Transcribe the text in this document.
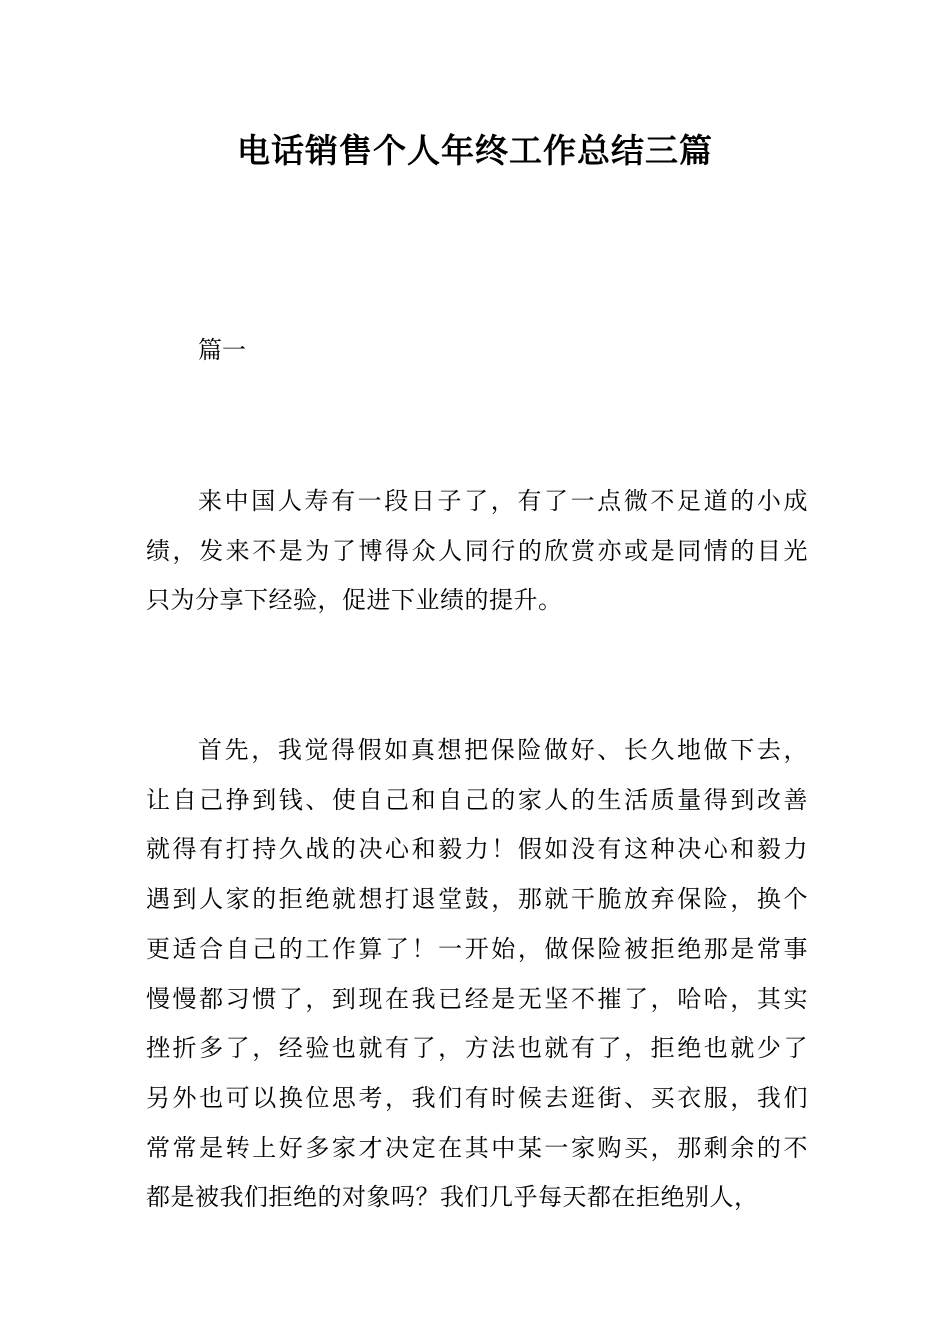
电话销售个人年终工作总结三篇

篇一

来中国人寿有一段日子了，有了一点微不足道的小成
绩，发来不是为了博得众人同行的欣赏亦或是同情的目光
只为分享下经验，促进下业绩的提升。
首先，我觉得假如真想把保险做好、长久地做下去，
让自己挣到钱、使自己和自己的家人的生活质量得到改善
就得有打持久战的决心和毅力！假如没有这种决心和毅力
遇到人家的拒绝就想打退堂鼓，那就干脆放弃保险，换个
更适合自己的工作算了！一开始，做保险被拒绝那是常事
慢慢都习惯了，到现在我已经是无坚不摧了，哈哈，其实
挫折多了，经验也就有了，方法也就有了，拒绝也就少了
另外也可以换位思考，我们有时候去逛街、买衣服，我们
常常是转上好多家才决定在其中某一家购买，那剩余的不
都是被我们拒绝的对象吗？我们几乎每天都在拒绝别人，
